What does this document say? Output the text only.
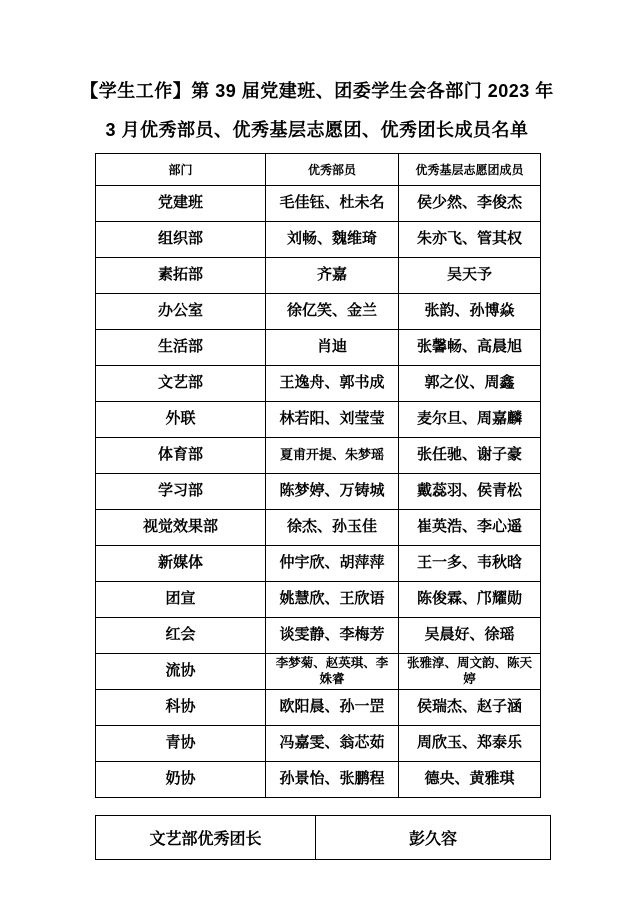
【学生工作】第 39 届党建班、团委学生会各部门 2023 年
3 月优秀部员、优秀基层志愿团、优秀团长成员名单
部门	优秀部员	优秀基层志愿团成员
党建班	毛佳钰、杜未名	侯少然、李俊杰
组织部	刘畅、魏维琦	朱亦飞、管其权
素拓部	齐嘉	吴天予
办公室	徐亿笑、金兰	张韵、孙博焱
生活部	肖迪	张馨畅、高晨旭
文艺部	王逸舟、郭书成	郭之仪、周鑫
外联	林若阳、刘莹莹	麦尔旦、周嘉麟
体育部	夏甫开提、朱梦瑶	张任驰、谢子豪
学习部	陈梦婷、万铸城	戴蕊羽、侯青松
视觉效果部	徐杰、孙玉佳	崔英浩、李心遥
新媒体	仲宇欣、胡萍萍	王一多、韦秋晗
团宣	姚慧欣、王欣语	陈俊霖、邝耀勋
红会	谈雯静、李梅芳	吴晨好、徐瑶
流协	李梦菊、赵英琪、李姝睿	张雅淳、周文韵、陈天婷
科协	欧阳晨、孙一罡	侯瑞杰、赵子涵
青协	冯嘉雯、翁芯茹	周欣玉、郑泰乐
奶协	孙景怡、张鹏程	德央、黄雅琪
文艺部优秀团长	彭久容
